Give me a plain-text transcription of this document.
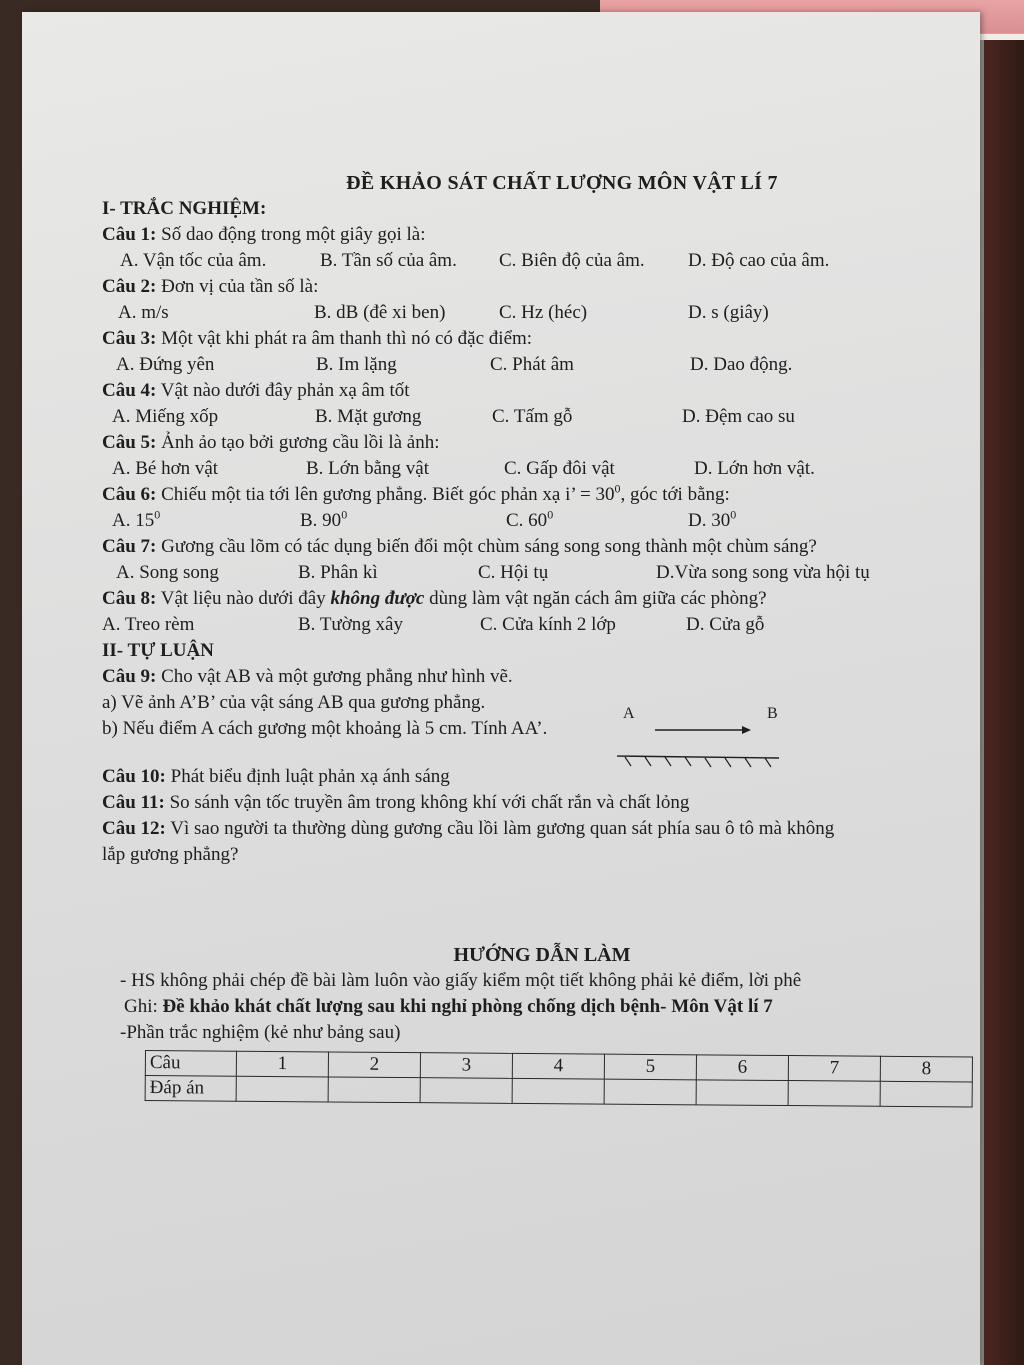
ĐỀ KHẢO SÁT CHẤT LƯỢNG MÔN VẬT LÍ 7
I- TRẮC NGHIỆM:
Câu 1: Số dao động trong một giây gọi là:
A. Vận tốc của âm.	B. Tần số của âm. C. Biên độ của âm. D. Độ cao của âm.
Câu 2: Đơn vị của tần số là:
A. m/s	B. dB (đê xi ben)	C. Hz (héc)	D. s (giây)
Câu 3: Một vật khi phát ra âm thanh thì nó có đặc điểm:
A. Đứng yên	B. Im lặng	C. Phát âm	D. Dao động.
Câu 4: Vật nào dưới đây phản xạ âm tốt
A. Miếng xốp	B. Mặt gương	C. Tấm gỗ	D. Đệm cao su
Câu 5: Ảnh ảo tạo bởi gương cầu lồi là ảnh:
A. Bé hơn vật	B. Lớn bằng vật	C. Gấp đôi vật	D. Lớn hơn vật.
Câu 6: Chiếu một tia tới lên gương phẳng. Biết góc phản xạ i’ = $30^0$, góc tới bằng:
A. $15^0$	B. $90^0$	C. $60^0$	D. $30^0$
Câu 7: Gương cầu lõm có tác dụng biến đổi một chùm sáng song song thành một chùm sáng?
A. Song song	B. Phân kì	C. Hội tụ	D.Vừa song song vừa hội tụ
Câu 8: Vật liệu nào dưới đây không được dùng làm vật ngăn cách âm giữa các phòng?
A. Treo rèm	B. Tường xây	C. Cửa kính 2 lớp	D. Cửa gỗ
II- TỰ LUẬN
Câu 9: Cho vật AB và một gương phẳng như hình vẽ.
a) Vẽ ảnh A’B’ của vật sáng AB qua gương phẳng.
b) Nếu điểm A cách gương một khoảng là 5 cm. Tính AA’.
A	B
Câu 10: Phát biểu định luật phản xạ ánh sáng
Câu 11: So sánh vận tốc truyền âm trong không khí với chất rắn và chất lỏng
Câu 12: Vì sao người ta thường dùng gương cầu lồi làm gương quan sát phía sau ô tô mà không
lắp gương phẳng?
HƯỚNG DẪN LÀM
- HS không phải chép đề bài làm luôn vào giấy kiểm một tiết không phải kẻ điểm, lời phê
Ghi: Đề khảo khát chất lượng sau khi nghỉ phòng chống dịch bệnh- Môn Vật lí 7
-Phần trắc nghiệm (kẻ như bảng sau)
Câu	1	2	3	4	5	6	7	8
Đáp án								
